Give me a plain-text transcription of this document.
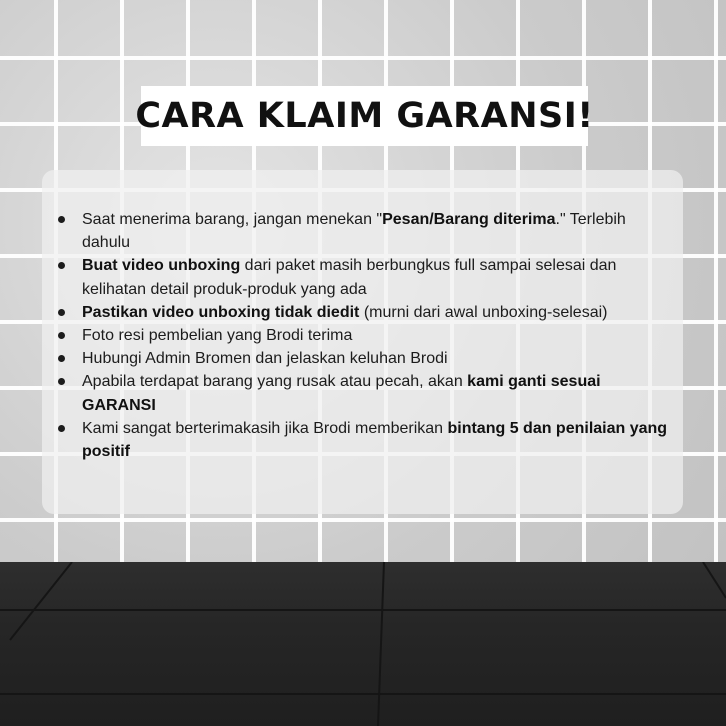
CARA KLAIM GARANSI!
Saat menerima barang, jangan menekan "Pesan/Barang diterima." Terlebih dahulu
Buat video unboxing dari paket masih berbungkus full sampai selesai dan kelihatan detail produk-produk yang ada
Pastikan video unboxing tidak diedit (murni dari awal unboxing-selesai)
Foto resi pembelian yang Brodi terima
Hubungi Admin Bromen dan jelaskan keluhan Brodi
Apabila terdapat barang yang rusak atau pecah, akan kami ganti sesuai GARANSI
Kami sangat berterimakasih jika Brodi memberikan bintang 5 dan penilaian yang positif
